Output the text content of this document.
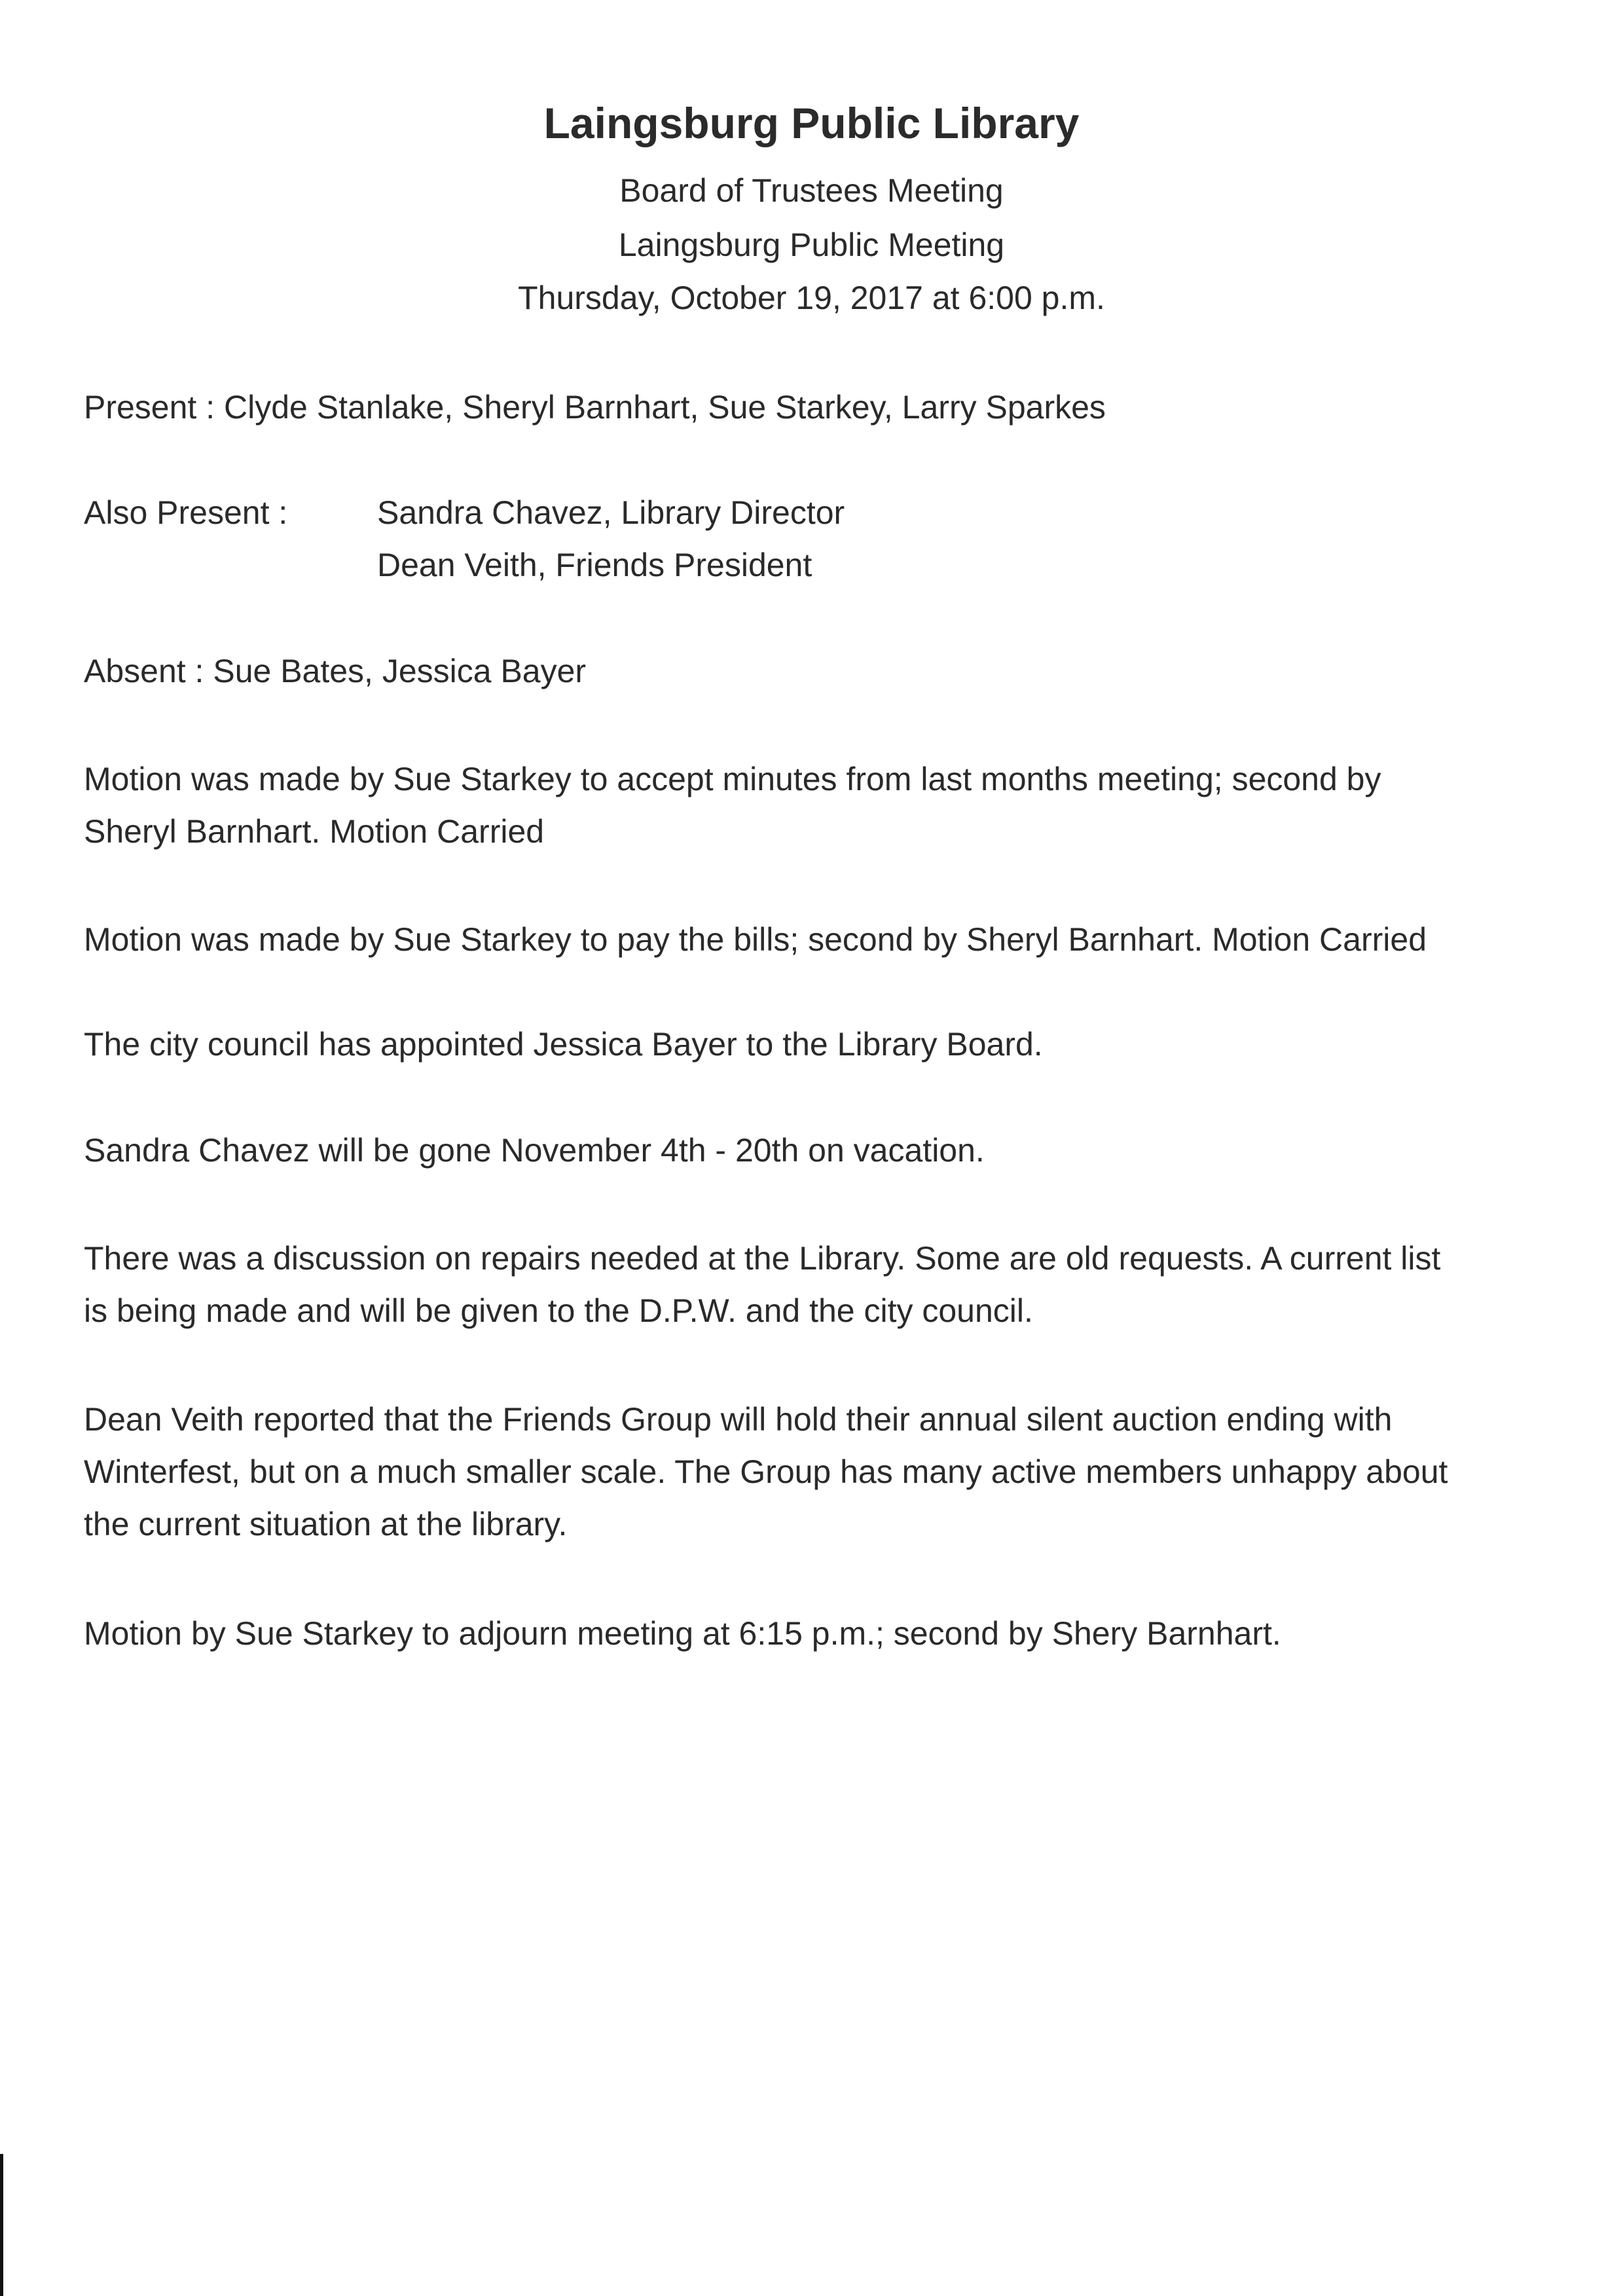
Laingsburg Public Library
Board of Trustees Meeting
Laingsburg Public Meeting
Thursday, October 19, 2017 at 6:00 p.m.
Present : Clyde Stanlake, Sheryl Barnhart, Sue Starkey, Larry Sparkes
Also Present :	Sandra Chavez, Library Director
Dean Veith, Friends President
Absent : Sue Bates, Jessica Bayer

Motion was made by Sue Starkey to accept minutes from last months meeting; second by

Sheryl Barnhart. Motion Carried

Motion was made by Sue Starkey to pay the bills; second by Sheryl Barnhart. Motion Carried
The city council has appointed Jessica Bayer to the Library Board.
Sandra Chavez will be gone November 4th - 20th on vacation.

There was a discussion on repairs needed at the Library. Some are old requests. A current list

is being made and will be given to the D.P.W. and the city council.

Dean Veith reported that the Friends Group will hold their annual silent auction ending with

Winterfest, but on a much smaller scale. The Group has many active members unhappy about

the current situation at the library.

Motion by Sue Starkey to adjourn meeting at 6:15 p.m.; second by Shery Barnhart.
